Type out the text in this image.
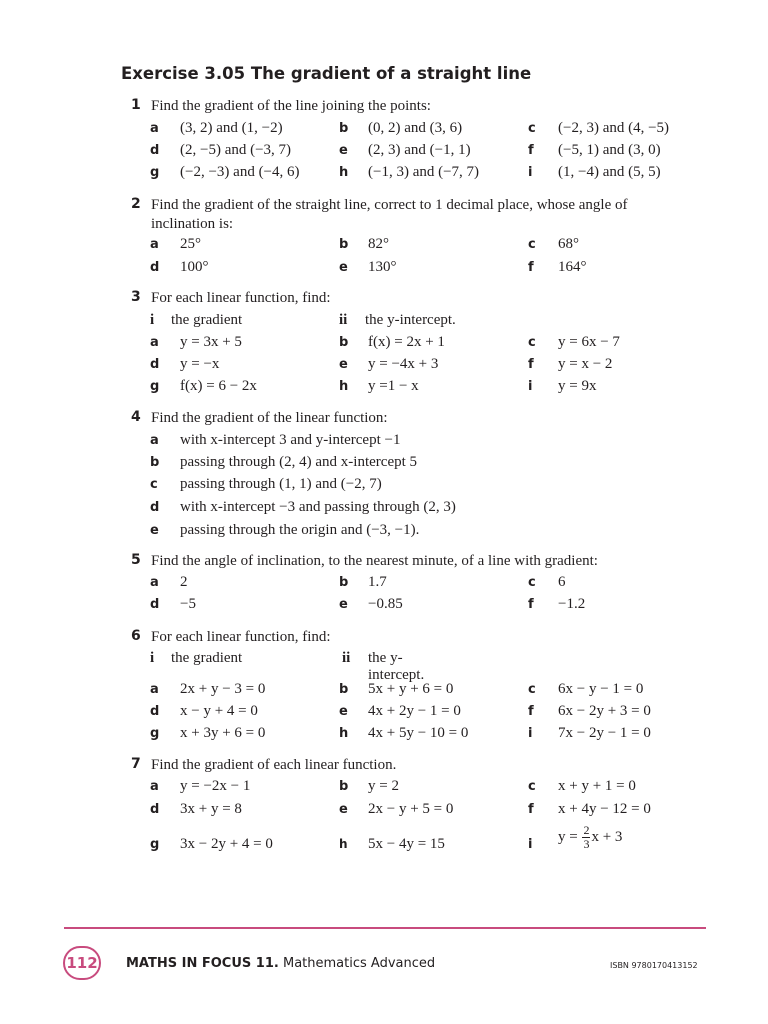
Exercise 3.05 The gradient of a straight line
1 Find the gradient of the line joining the points:
a (3, 2) and (1, −2)	b (0, 2) and (3, 6)	c (−2, 3) and (4, −5)
d (2, −5) and (−3, 7)	e (2, 3) and (−1, 1)	f (−5, 1) and (3, 0)
g (−2, −3) and (−4, 6)	h (−1, 3) and (−7, 7)	i (1, −4) and (5, 5)
2 Find the gradient of the straight line, correct to 1 decimal place, whose angle of
inclination is:
a 25°	b 82°	c 68°
d 100°	e 130°	f 164°
3 For each linear function, find:
i the gradient	ii the y-intercept.
a y = 3x + 5	b f(x) = 2x + 1	c y = 6x − 7
d y = −x	e y = −4x + 3	f y = x − 2
g f(x) = 6 − 2x	h y =1 − x	i y = 9x
4 Find the gradient of the linear function:
a with x-intercept 3 and y-intercept −1
b passing through (2, 4) and x-intercept 5
c passing through (1, 1) and (−2, 7)
d with x-intercept −3 and passing through (2, 3)
e passing through the origin and (−3, −1).
5 Find the angle of inclination, to the nearest minute, of a line with gradient:
a 2	b 1.7	c 6
d −5	e −0.85	f −1.2
6 For each linear function, find:
i the gradient	ii the y-intercept.
a 2x + y − 3 = 0	b 5x + y + 6 = 0	c 6x − y − 1 = 0
d x − y + 4 = 0	e 4x + 2y − 1 = 0	f 6x − 2y + 3 = 0
g x + 3y + 6 = 0	h 4x + 5y − 10 = 0	i 7x − 2y − 1 = 0
7 Find the gradient of each linear function.
a y = −2x − 1	b y = 2	c x + y + 1 = 0
d 3x + y = 8	e 2x − y + 5 = 0	f x + 4y − 12 = 0
g 3x − 2y + 4 = 0	h 5x − 4y = 15	i $y = \frac{2}{3}$ x + 3
112 MATHS IN FOCUS 11. Mathematics Advanced	ISBN 9780170413152
